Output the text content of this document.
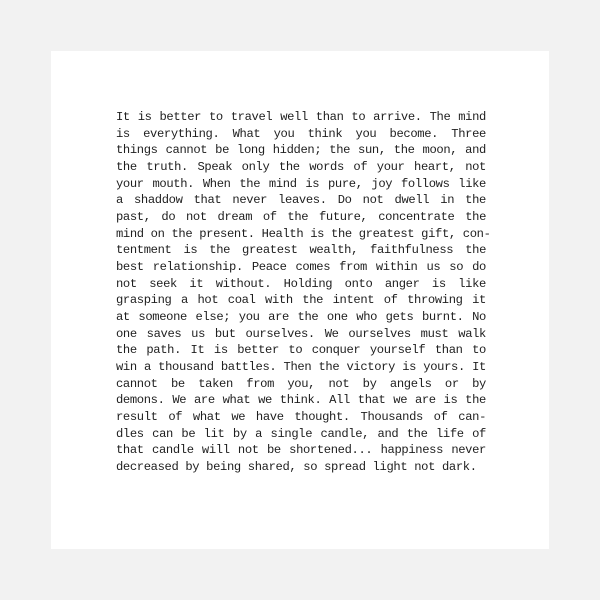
It is better to travel well than to arrive. The mind
is everything. What you think you become. Three
things cannot be long hidden; the sun, the moon, and
the truth. Speak only the words of your heart, not
your mouth. When the mind is pure, joy follows like
a shaddow that never leaves. Do not dwell in the
past, do not dream of the future, concentrate the
mind on the present. Health is the greatest gift, con-
tentment is the greatest wealth, faithfulness the
best relationship. Peace comes from within us so do
not seek it without. Holding onto anger is like
grasping a hot coal with the intent of throwing it
at someone else; you are the one who gets burnt. No
one saves us but ourselves. We ourselves must walk
the path. It is better to conquer yourself than to
win a thousand battles. Then the victory is yours. It
cannot be taken from you, not by angels or by
demons. We are what we think. All that we are is the
result of what we have thought. Thousands of can-
dles can be lit by a single candle, and the life of
that candle will not be shortened... happiness never
decreased by being shared, so spread light not dark.
